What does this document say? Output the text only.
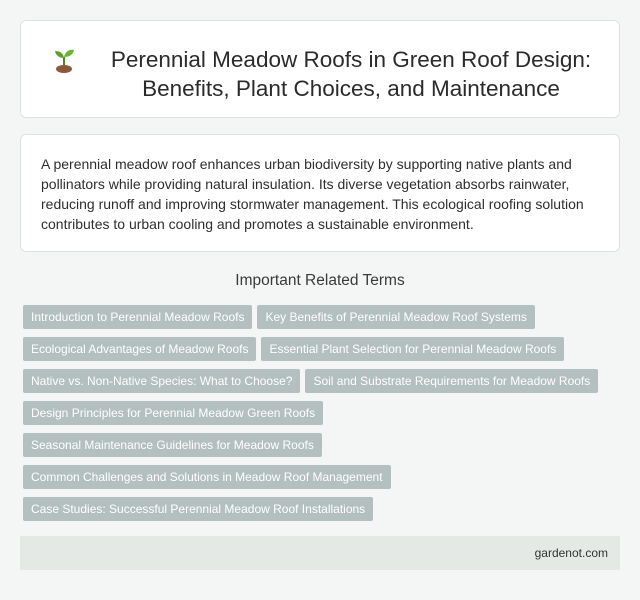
Perennial Meadow Roofs in Green Roof Design: Benefits, Plant Choices, and Maintenance

A perennial meadow roof enhances urban biodiversity by supporting native plants and pollinators while providing natural insulation. Its diverse vegetation absorbs rainwater, reducing runoff and improving stormwater management. This ecological roofing solution contributes to urban cooling and promotes a sustainable environment.

Important Related Terms
Introduction to Perennial Meadow Roofs Key Benefits of Perennial Meadow Roof Systems
Ecological Advantages of Meadow Roofs Essential Plant Selection for Perennial Meadow Roofs
Native vs. Non-Native Species: What to Choose? Soil and Substrate Requirements for Meadow Roofs
Design Principles for Perennial Meadow Green Roofs
Seasonal Maintenance Guidelines for Meadow Roofs
Common Challenges and Solutions in Meadow Roof Management
Case Studies: Successful Perennial Meadow Roof Installations
gardenot.com
